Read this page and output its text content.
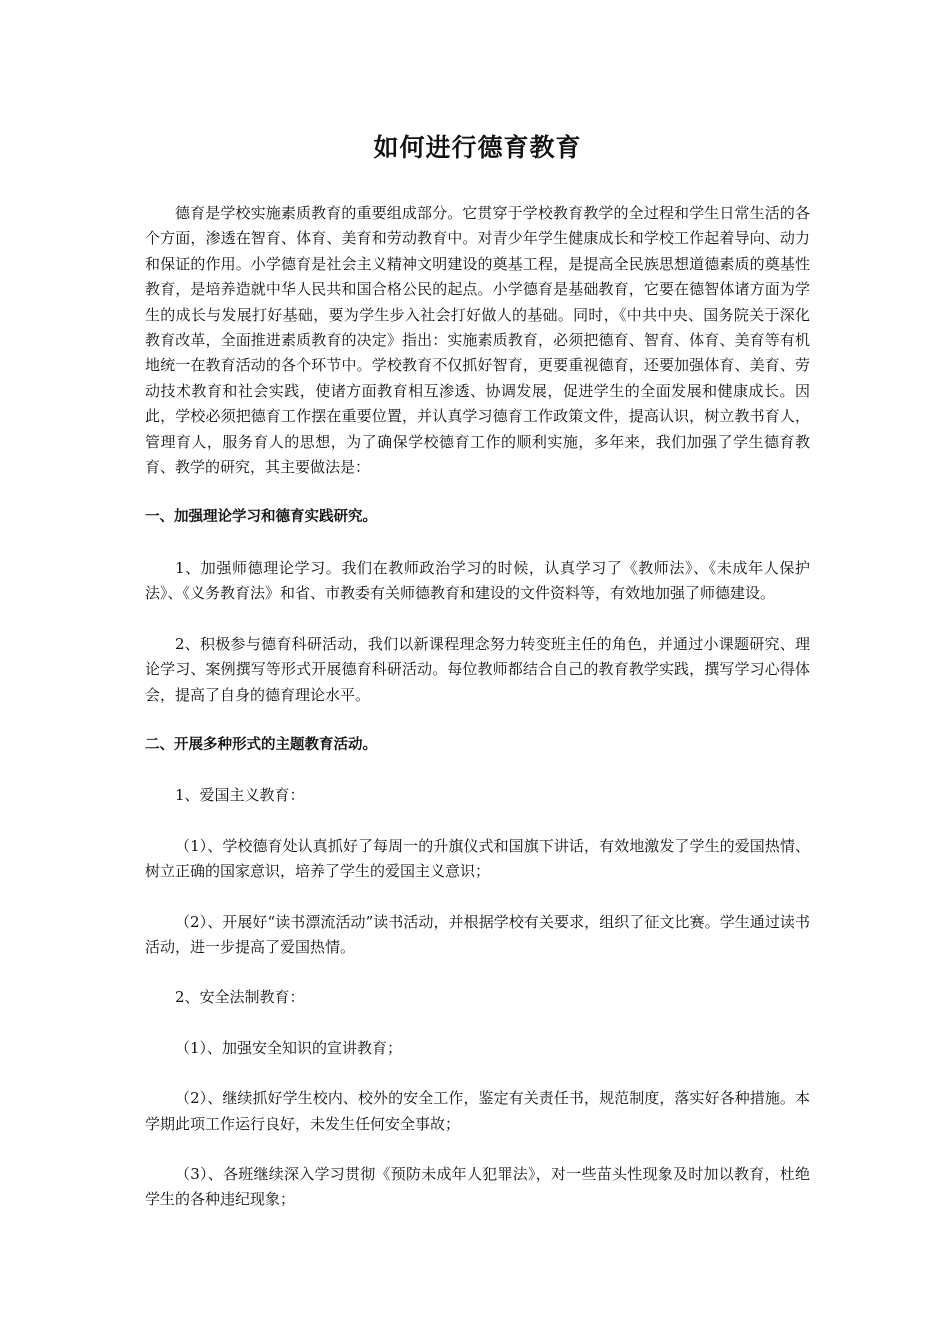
如何进行德育教育

德育是学校实施素质教育的重要组成部分。它贯穿于学校教育教学的全过程和学生日常生活的各个方面，渗透在智育、体育、美育和劳动教育中。对青少年学生健康成长和学校工作起着导向、动力和保证的作用。小学德育是社会主义精神文明建设的奠基工程，是提高全民族思想道德素质的奠基性教育，是培养造就中华人民共和国合格公民的起点。小学德育是基础教育，它要在德智体诸方面为学生的成长与发展打好基础，要为学生步入社会打好做人的基础。同时，《中共中央、国务院关于深化教育改革，全面推进素质教育的决定》指出：实施素质教育，必须把德育、智育、体育、美育等有机地统一在教育活动的各个环节中。学校教育不仅抓好智育，更要重视德育，还要加强体育、美育、劳动技术教育和社会实践，使诸方面教育相互渗透、协调发展，促进学生的全面发展和健康成长。因此，学校必须把德育工作摆在重要位置，并认真学习德育工作政策文件，提高认识，树立教书育人，管理育人，服务育人的思想，为了确保学校德育工作的顺利实施，多年来，我们加强了学生德育教育、教学的研究，其主要做法是：

一、加强理论学习和德育实践研究。

1、加强师德理论学习。我们在教师政治学习的时候，认真学习了《教师法》、《未成年人保护法》、《义务教育法》和省、市教委有关师德教育和建设的文件资料等，有效地加强了师德建设。

2、积极参与德育科研活动，我们以新课程理念努力转变班主任的角色，并通过小课题研究、理论学习、案例撰写等形式开展德育科研活动。每位教师都结合自己的教育教学实践，撰写学习心得体会，提高了自身的德育理论水平。

二、开展多种形式的主题教育活动。

1、爱国主义教育：

（1）、学校德育处认真抓好了每周一的升旗仪式和国旗下讲话，有效地激发了学生的爱国热情、树立正确的国家意识，培养了学生的爱国主义意识；

（2）、开展好“读书漂流活动”读书活动，并根据学校有关要求，组织了征文比赛。学生通过读书活动，进一步提高了爱国热情。

2、安全法制教育：

（1）、加强安全知识的宣讲教育；

（2）、继续抓好学生校内、校外的安全工作，鉴定有关责任书，规范制度，落实好各种措施。本学期此项工作运行良好，未发生任何安全事故；

（3）、各班继续深入学习贯彻《预防未成年人犯罪法》，对一些苗头性现象及时加以教育，杜绝学生的各种违纪现象；
